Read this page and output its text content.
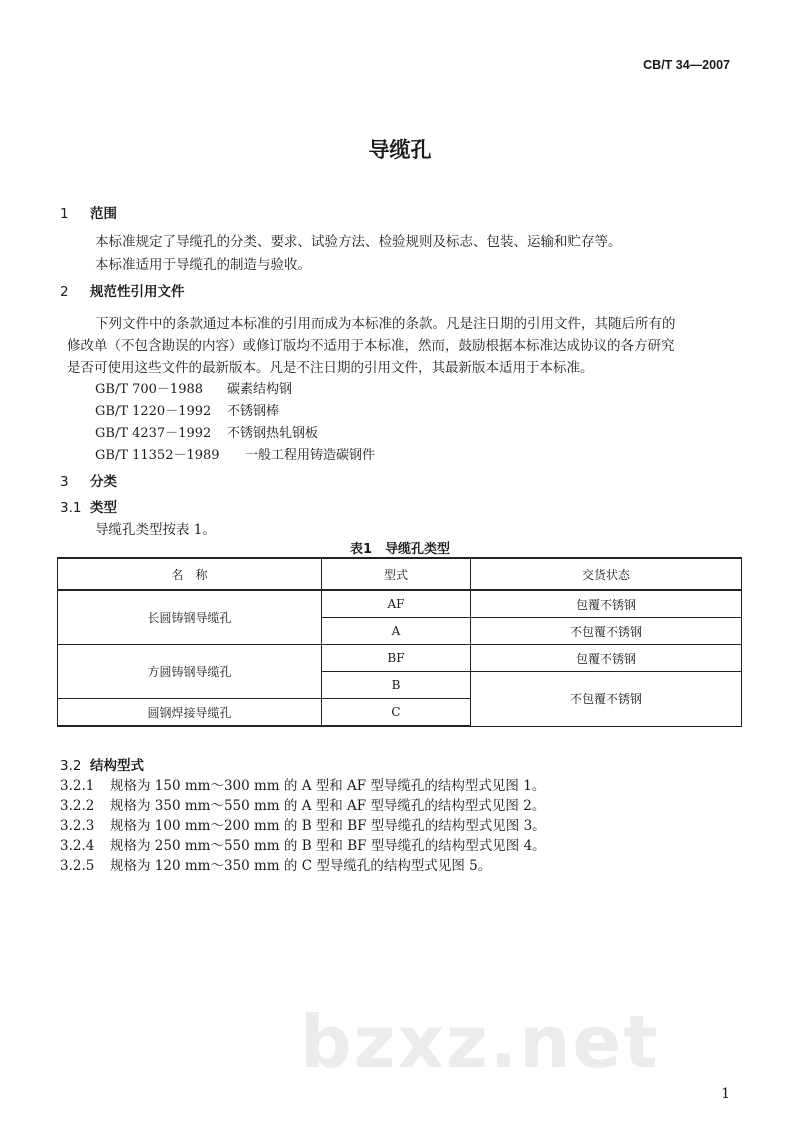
CB/T 34—2007
导缆孔
1 范围
本标准规定了导缆孔的分类、要求、试验方法、检验规则及标志、包装、运输和贮存等。
本标准适用于导缆孔的制造与验收。
2 规范性引用文件
下列文件中的条款通过本标准的引用而成为本标准的条款。凡是注日期的引用文件，其随后所有的
修改单（不包含勘误的内容）或修订版均不适用于本标准，然而，鼓励根据本标准达成协议的各方研究
是否可使用这些文件的最新版本。凡是不注日期的引用文件，其最新版本适用于本标准。
GB/T 700－1988 碳素结构钢
GB/T 1220－1992 不锈钢棒
GB/T 4237－1992 不锈钢热轧钢板
GB/T 11352－1989 一般工程用铸造碳钢件
3 分类
3.1 类型
导缆孔类型按表 1。
表1　导缆孔类型
名　称	型式	交货状态
长圆铸钢导缆孔	AF	包覆不锈钢
	A	不包覆不锈钢
方圆铸钢导缆孔	BF	包覆不锈钢
	B	不包覆不锈钢
圆钢焊接导缆孔	C	
3.2 结构型式
3.2.1 规格为 150 mm～300 mm 的 A 型和 AF 型导缆孔的结构型式见图 1。
3.2.2 规格为 350 mm～550 mm 的 A 型和 AF 型导缆孔的结构型式见图 2。
3.2.3 规格为 100 mm～200 mm 的 B 型和 BF 型导缆孔的结构型式见图 3。
3.2.4 规格为 250 mm～550 mm 的 B 型和 BF 型导缆孔的结构型式见图 4。
3.2.5 规格为 120 mm～350 mm 的 C 型导缆孔的结构型式见图 5。
bzxz.net
1
